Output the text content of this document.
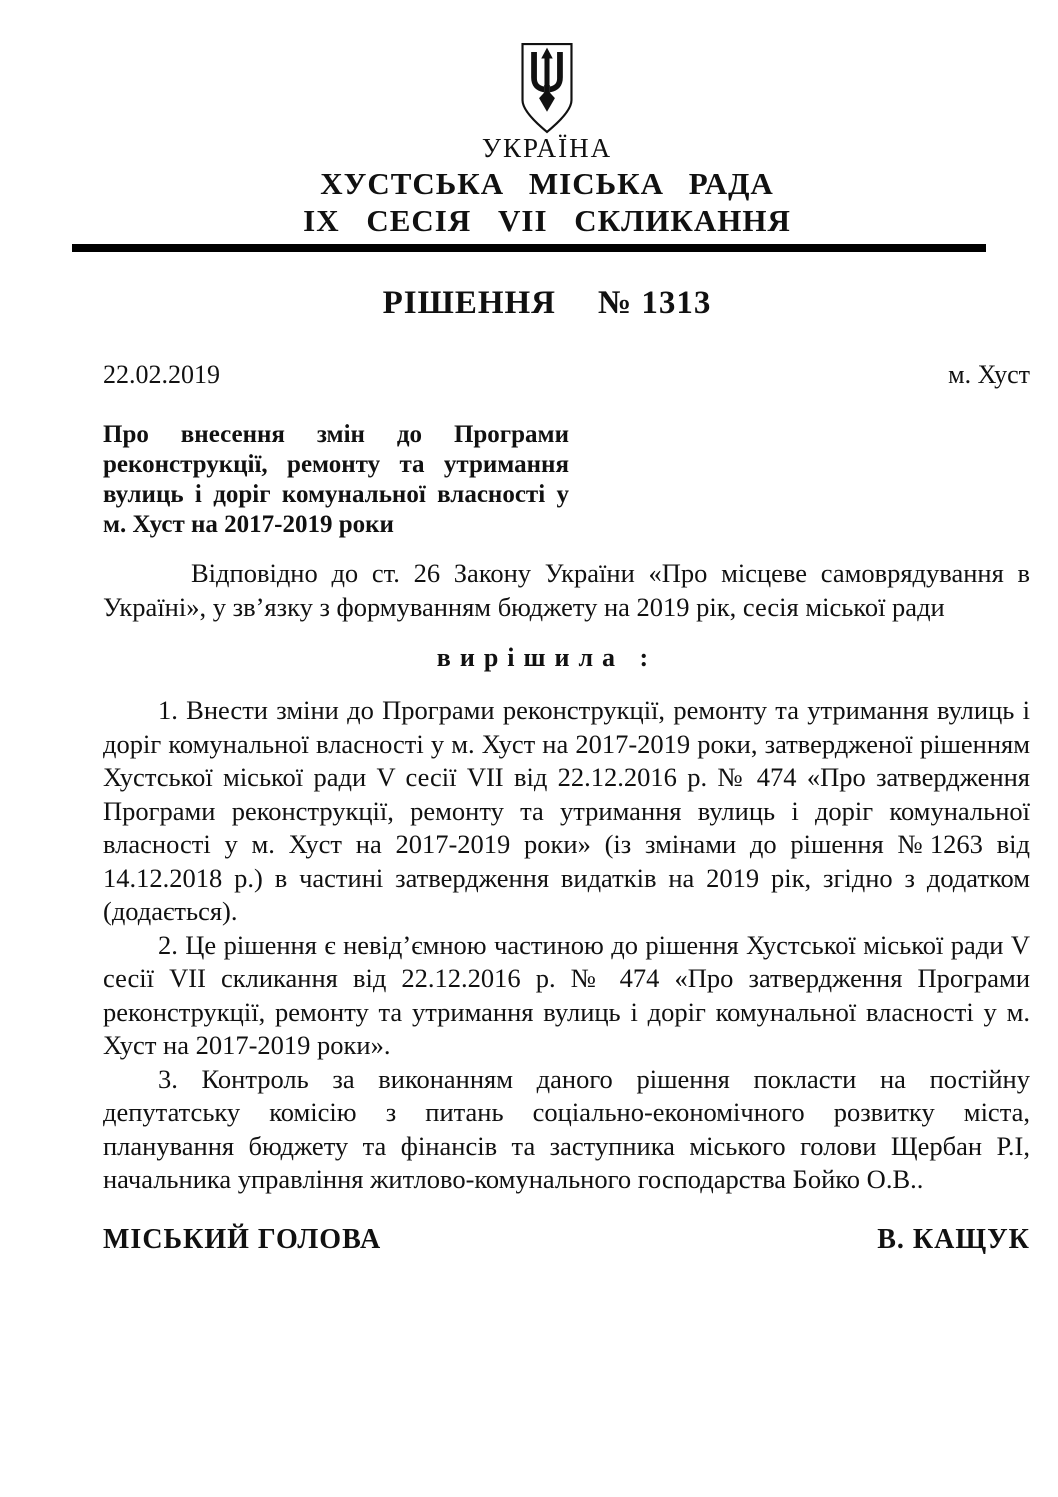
УКРАЇНА
ХУСТСЬКА МІСЬКА РАДА
IX СЕСІЯ VII СКЛИКАННЯ
РІШЕННЯ № 1313
22.02.2019	м. Хуст
Про внесення змін до Програми реконструкції, ремонту та утримання вулиць і доріг комунальної власності у м. Хуст на 2017-2019 роки
Відповідно до ст. 26 Закону України «Про місцеве самоврядування в Україні», у зв’язку з формуванням бюджету на 2019 рік, сесія міської ради
вирішила :

1. Внести зміни до Програми реконструкції, ремонту та утримання вулиць і доріг комунальної власності у м. Хуст на 2017-2019 роки, затвердженої рішенням Хустської міської ради V сесії VII від 22.12.2016 р. № 474 «Про затвердження Програми реконструкції, ремонту та утримання вулиць і доріг комунальної власності у м. Хуст на 2017-2019 роки» (із змінами до рішення №1263 від 14.12.2018 р.) в частині затвердження видатків на 2019 рік, згідно з додатком (додається).

2. Це рішення є невід’ємною частиною до рішення Хустської міської ради V сесії VII скликання від 22.12.2016 р. № 474 «Про затвердження Програми реконструкції, ремонту та утримання вулиць і доріг комунальної власності у м. Хуст на 2017-2019 роки».

3. Контроль за виконанням даного рішення покласти на постійну депутатську комісію з питань соціально-економічного розвитку міста, планування бюджету та фінансів та заступника міського голови Щербан Р.І, начальника управління житлово-комунального господарства Бойко О.В..

МІСЬКИЙ ГОЛОВА	В. КАЩУК
